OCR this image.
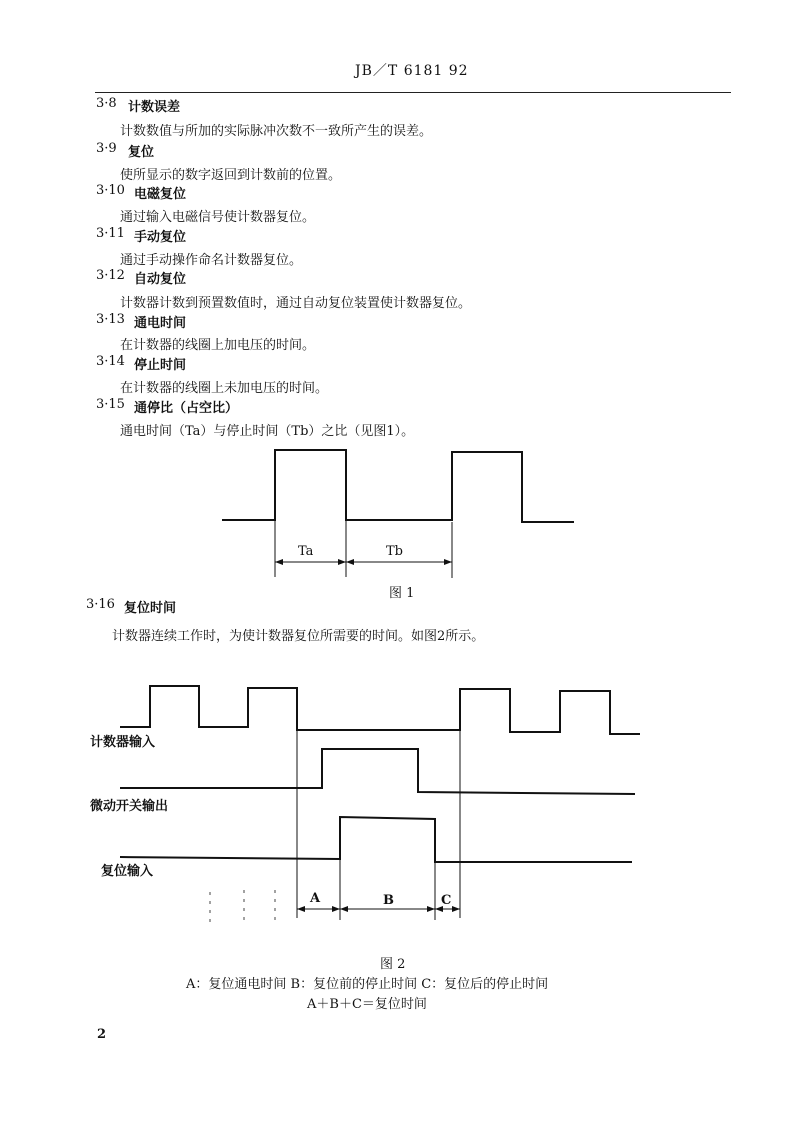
JB／T 6181 92
3·8 计数误差
计数数值与所加的实际脉冲次数不一致所产生的误差。
3·9 复位
使所显示的数字返回到计数前的位置。
3·10 电磁复位
通过输入电磁信号使计数器复位。
3·11 手动复位
通过手动操作命名计数器复位。
3·12 自动复位
计数器计数到预置数值时，通过自动复位装置使计数器复位。
3·13 通电时间
在计数器的线圈上加电压的时间。
3·14 停止时间
在计数器的线圈上未加电压的时间。
3·15 通停比（占空比）
通电时间（Ta）与停止时间（Tb）之比（见图1）。
Ta	Tb
A	B	C
图 1
3·16 复位时间
计数器连续工作时，为使计数器复位所需要的时间。如图2所示。
计数器输入
微动开关输出
复位输入
图 2
A：复位通电时间 B：复位前的停止时间 C：复位后的停止时间
A＋B＋C＝复位时间
2
